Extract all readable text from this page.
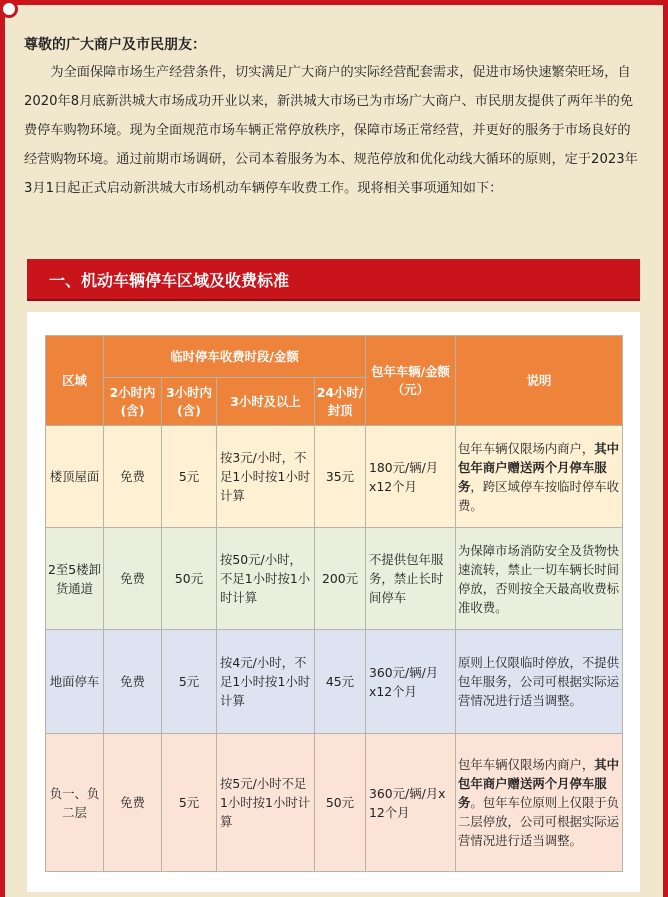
尊敬的广大商户及市民朋友：

为全面保障市场生产经营条件，切实满足广大商户的实际经营配套需求，促进市场快速繁荣旺场，自2020年8月底新洪城大市场成功开业以来，新洪城大市场已为市场广大商户、市民朋友提供了两年半的免费停车购物环境。现为全面规范市场车辆正常停放秩序，保障市场正常经营，并更好的服务于市场良好的经营购物环境。通过前期市场调研，公司本着服务为本、规范停放和优化动线大循环的原则，定于2023年3月1日起正式启动新洪城大市场机动车辆停车收费工作。现将相关事项通知如下：

一、机动车辆停车区域及收费标准
区域	临时停车收费时段/金额				包年车辆/金额（元）	说明
	2小时内(含)	3小时内(含)	3小时及以上	24小时/封顶		
楼顶屋面	免费	5元	按3元/小时，不足1小时按1小时计算	35元	180元/辆/月x12个月	包年车辆仅限场内商户，其中包年商户赠送两个月停车服务，跨区域停车按临时停车收费。
2至5楼卸货通道	免费	50元	按50元/小时，不足1小时按1小时计算	200元	不提供包年服务，禁止长时间停车	为保障市场消防安全及货物快速流转，禁止一切车辆长时间停放，否则按全天最高收费标准收费。
地面停车	免费	5元	按4元/小时，不足1小时按1小时计算	45元	360元/辆/月x12个月	原则上仅限临时停放，不提供包年服务，公司可根据实际运营情况进行适当调整。
负一、负二层	免费	5元	按5元/小时不足1小时按1小时计算	50元	360元/辆/月x 12个月	包年车辆仅限场内商户，其中包年商户赠送两个月停车服务。包年车位原则上仅限于负二层停放，公司可根据实际运营情况进行适当调整。
